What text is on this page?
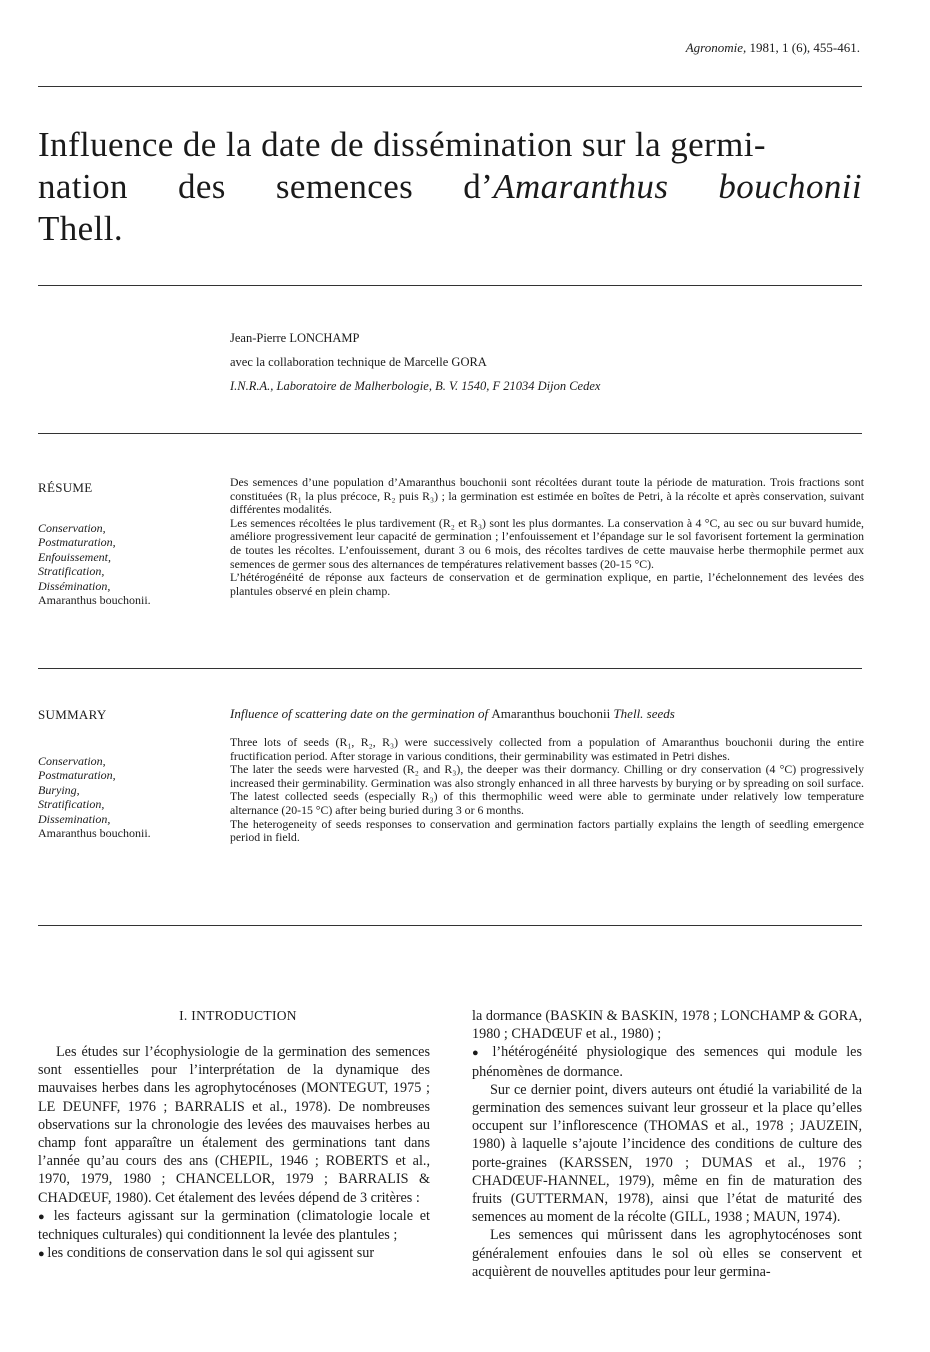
Agronomie, 1981, 1 (6), 455-461.
Influence de la date de dissémination sur la germi-
nation des semences d’Amaranthus bouchonii
Thell.
Jean-Pierre LONCHAMP
avec la collaboration technique de Marcelle GORA
I.N.R.A., Laboratoire de Malherbologie, B. V. 1540, F 21034 Dijon Cedex
RÉSUME
Conservation,
Postmaturation,
Enfouissement,
Stratification,
Dissémination,
Amaranthus bouchonii.

Des semences d’une population d’Amaranthus bouchonii sont récoltées durant toute la période de maturation. Trois fractions sont constituées (R₁ la plus précoce, R₂ puis R₃) ; la germination est estimée en boîtes de Petri, à la récolte et après conservation, suivant différentes modalités.

Les semences récoltées le plus tardivement (R₂ et R₃) sont les plus dormantes. La conservation à 4 °C, au sec ou sur buvard humide, améliore progressivement leur capacité de germination ; l’enfouissement et l’épandage sur le sol favorisent fortement la germination de toutes les récoltes. L’enfouissement, durant 3 ou 6 mois, des récoltes tardives de cette mauvaise herbe thermophile permet aux semences de germer sous des alternances de températures relativement basses (20-15 °C).

L’hétérogénéité de réponse aux facteurs de conservation et de germination explique, en partie, l’échelonnement des levées des plantules observé en plein champ.

SUMMARY	Influence of scattering date on the germination of Amaranthus bouchonii Thell. seeds
Conservation,
Postmaturation,
Burying,
Stratification,
Dissemination,
Amaranthus bouchonii.

Three lots of seeds (R₁, R₂, R₃) were successively collected from a population of Amaranthus bouchonii during the entire fructification period. After storage in various conditions, their germinability was estimated in Petri dishes.

The later the seeds were harvested (R₂ and R₃), the deeper was their dormancy. Chilling or dry conservation (4 °C) progressively increased their germinability. Germination was also strongly enhanced in all three harvests by burying or by spreading on soil surface. The latest collected seeds (especially R₃) of this thermophilic weed were able to germinate under relatively low temperature alternance (20-15 °C) after being buried during 3 or 6 months.

The heterogeneity of seeds responses to conservation and germination factors partially explains the length of seedling emergence period in field.

I. INTRODUCTION

Les études sur l’écophysiologie de la germination des semences sont essentielles pour l’interprétation de la dynamique des mauvaises herbes dans les agrophytocénoses (MONTEGUT, 1975 ; LE DEUNFF, 1976 ; BARRALIS et al., 1978). De nombreuses observations sur la chronologie des levées des mauvaises herbes au champ font apparaître un étalement des germinations tant dans l’année qu’au cours des ans (CHEPIL, 1946 ; ROBERTS et al., 1970, 1979, 1980 ; CHANCELLOR, 1979 ; BARRALIS & CHADŒUF, 1980). Cet étalement des levées dépend de 3 critères :

● les facteurs agissant sur la germination (climatologie locale et techniques culturales) qui conditionnent la levée des plantules ;

● les conditions de conservation dans le sol qui agissent sur

la dormance (BASKIN & BASKIN, 1978 ; LONCHAMP & GORA, 1980 ; CHADŒUF et al., 1980) ;

● l’hétérogénéité physiologique des semences qui module les phénomènes de dormance.

Sur ce dernier point, divers auteurs ont étudié la variabilité de la germination des semences suivant leur grosseur et la place qu’elles occupent sur l’inflorescence (THOMAS et al., 1978 ; JAUZEIN, 1980) à laquelle s’ajoute l’incidence des conditions de culture des porte-graines (KARSSEN, 1970 ; DUMAS et al., 1976 ; CHADŒUF-HANNEL, 1979), même en fin de maturation des fruits (GUTTERMAN, 1978), ainsi que l’état de maturité des semences au moment de la récolte (GILL, 1938 ; MAUN, 1974).

Les semences qui mûrissent dans les agrophytocénoses sont généralement enfouies dans le sol où elles se conservent et acquièrent de nouvelles aptitudes pour leur germina-
